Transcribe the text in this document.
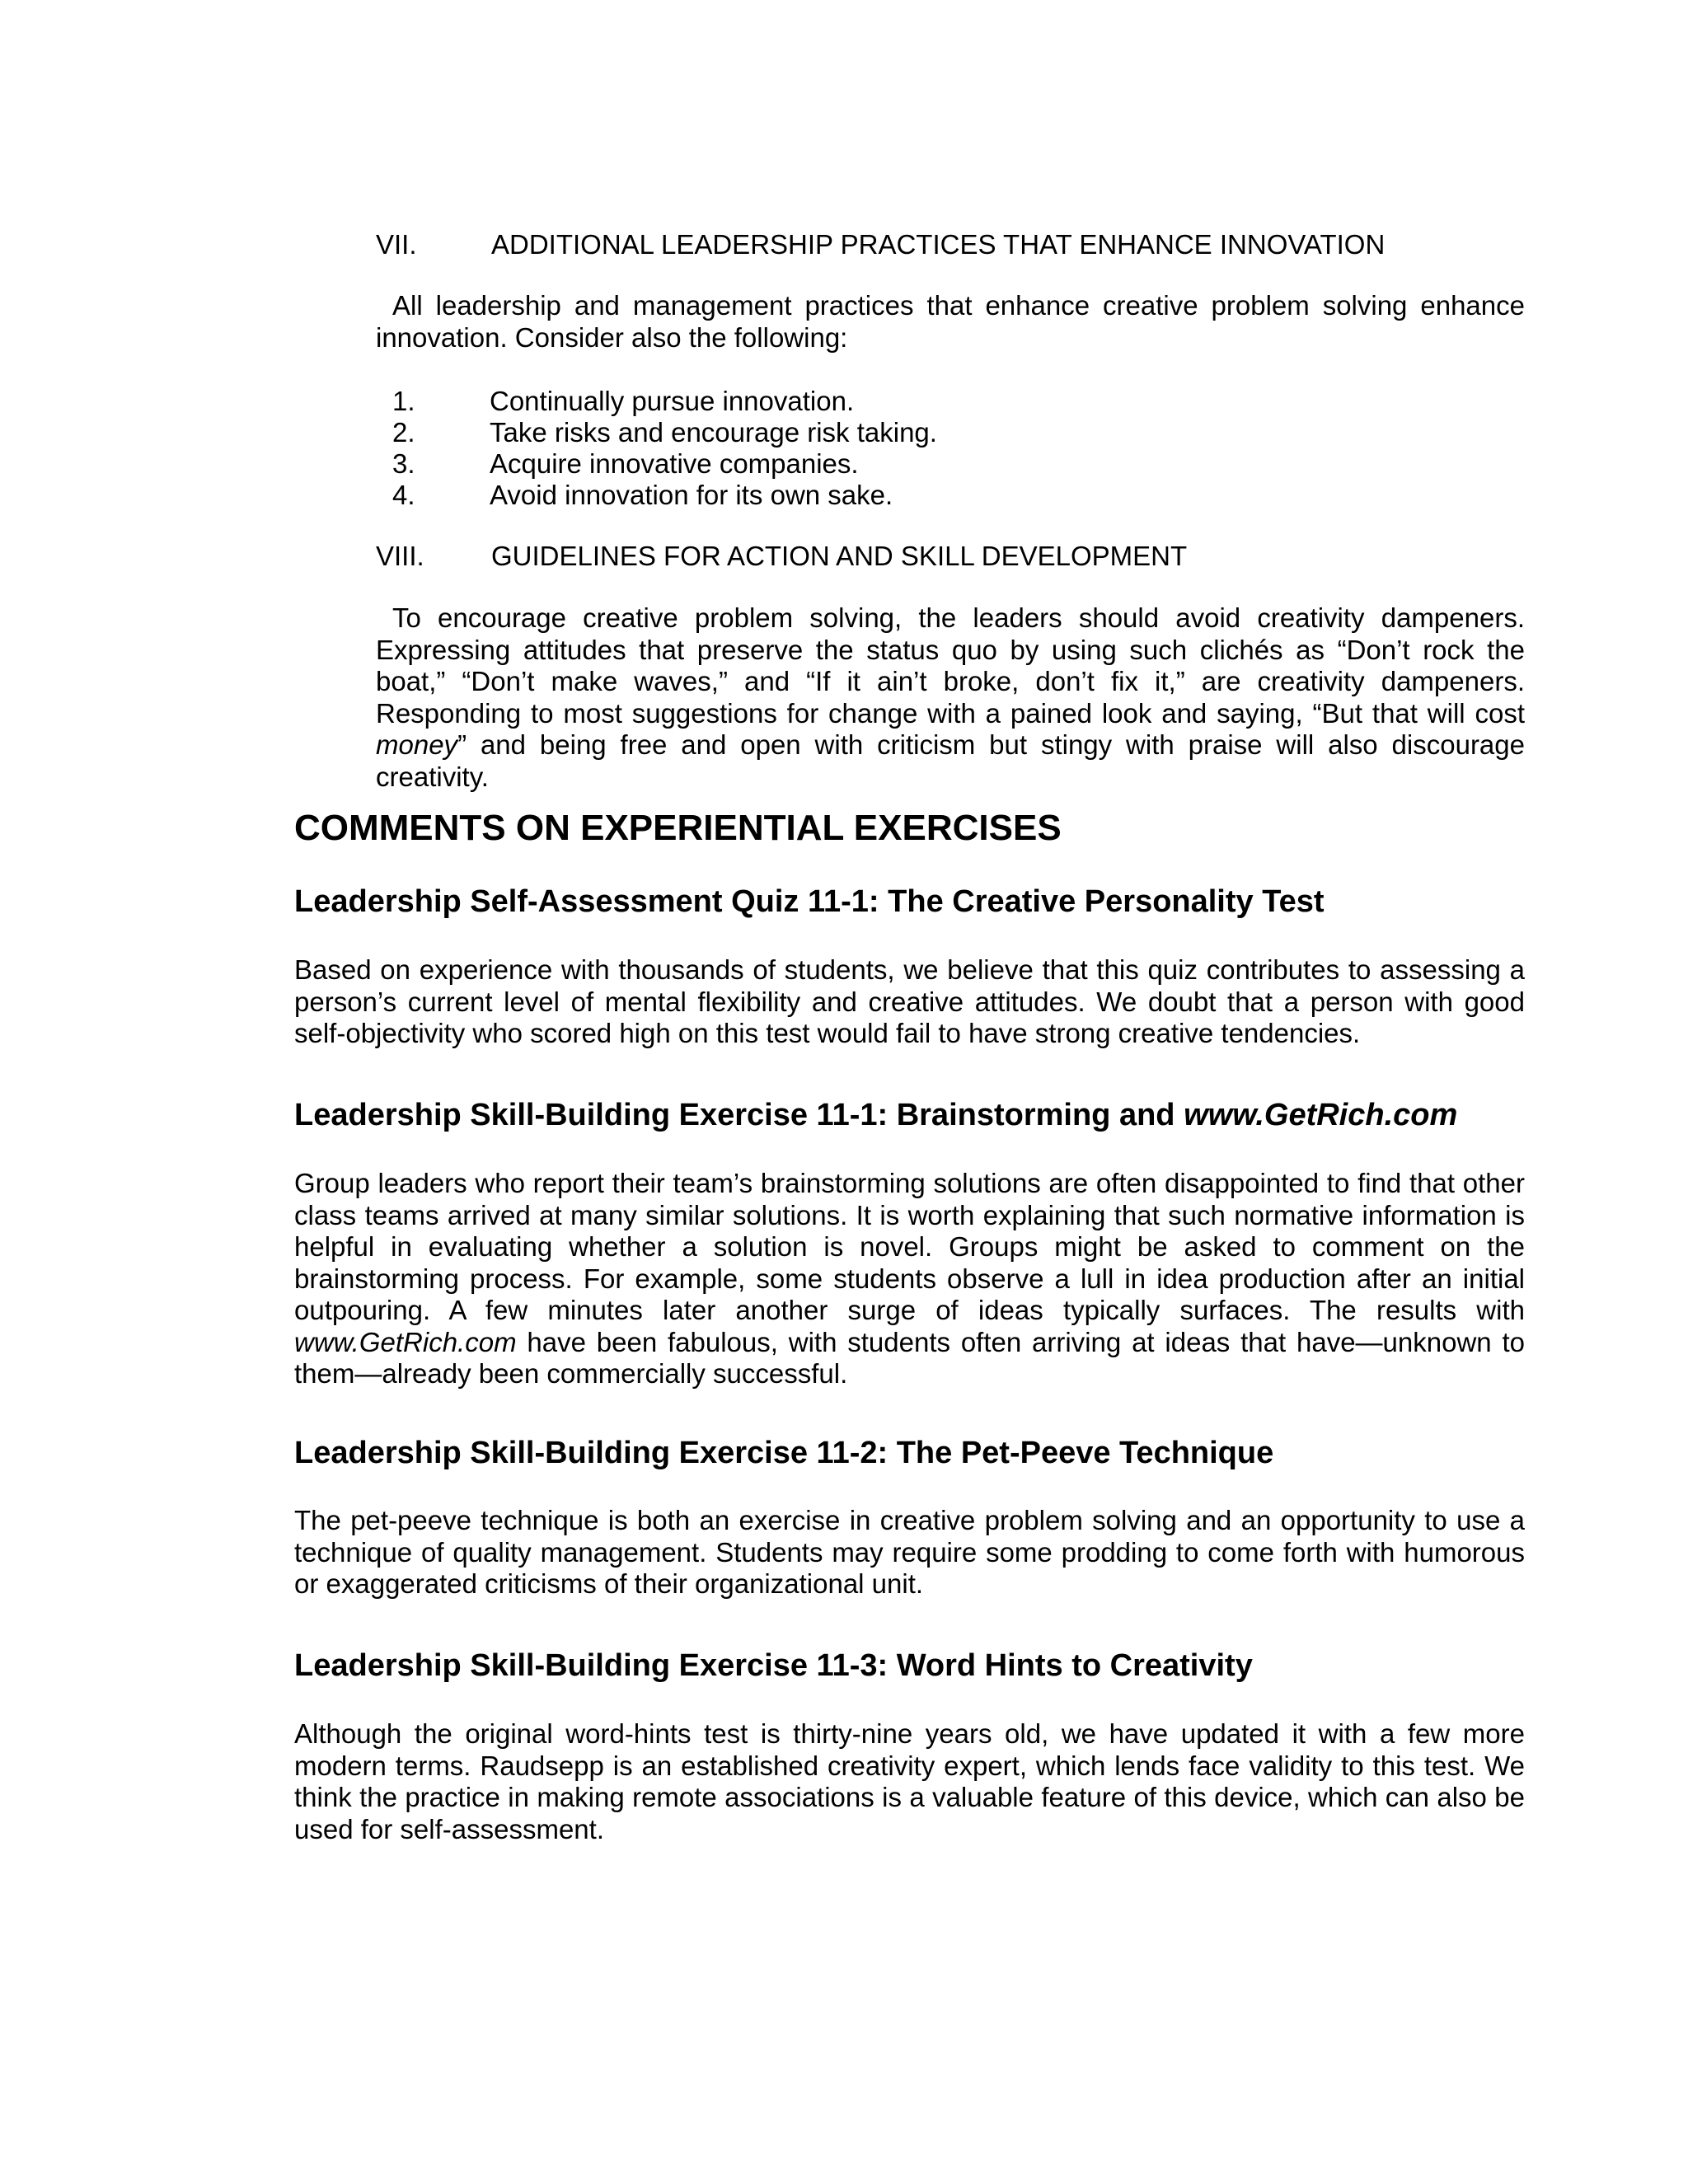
VII.	ADDITIONAL LEADERSHIP PRACTICES THAT ENHANCE INNOVATION
All leadership and management practices that enhance creative problem solving enhance innovation. Consider also the following:
1.	Continually pursue innovation.
2.	Take risks and encourage risk taking.
3.	Acquire innovative companies.
4.	Avoid innovation for its own sake.
VIII. GUIDELINES FOR ACTION AND SKILL DEVELOPMENT
To encourage creative problem solving, the leaders should avoid creativity dampeners. Expressing attitudes that preserve the status quo by using such clichés as “Don’t rock the boat,” “Don’t make waves,” and “If it ain’t broke, don’t fix it,” are creativity dampeners. Responding to most suggestions for change with a pained look and saying, “But that will cost money” and being free and open with criticism but stingy with praise will also discourage creativity.
COMMENTS ON EXPERIENTIAL EXERCISES
Leadership Self-Assessment Quiz 11-1: The Creative Personality Test
Based on experience with thousands of students, we believe that this quiz contributes to assessing a person’s current level of mental flexibility and creative attitudes. We doubt that a person with good self-objectivity who scored high on this test would fail to have strong creative tendencies.
Leadership Skill-Building Exercise 11-1: Brainstorming and www.GetRich.com
Group leaders who report their team’s brainstorming solutions are often disappointed to find that other class teams arrived at many similar solutions. It is worth explaining that such normative information is helpful in evaluating whether a solution is novel. Groups might be asked to comment on the brainstorming process. For example, some students observe a lull in idea production after an initial outpouring. A few minutes later another surge of ideas typically surfaces. The results with www.GetRich.com have been fabulous, with students often arriving at ideas that have—unknown to them—already been commercially successful.
Leadership Skill-Building Exercise 11-2: The Pet-Peeve Technique
The pet-peeve technique is both an exercise in creative problem solving and an opportunity to use a technique of quality management. Students may require some prodding to come forth with humorous or exaggerated criticisms of their organizational unit.
Leadership Skill-Building Exercise 11-3: Word Hints to Creativity
Although the original word-hints test is thirty-nine years old, we have updated it with a few more modern terms. Raudsepp is an established creativity expert, which lends face validity to this test. We think the practice in making remote associations is a valuable feature of this device, which can also be used for self-assessment.
